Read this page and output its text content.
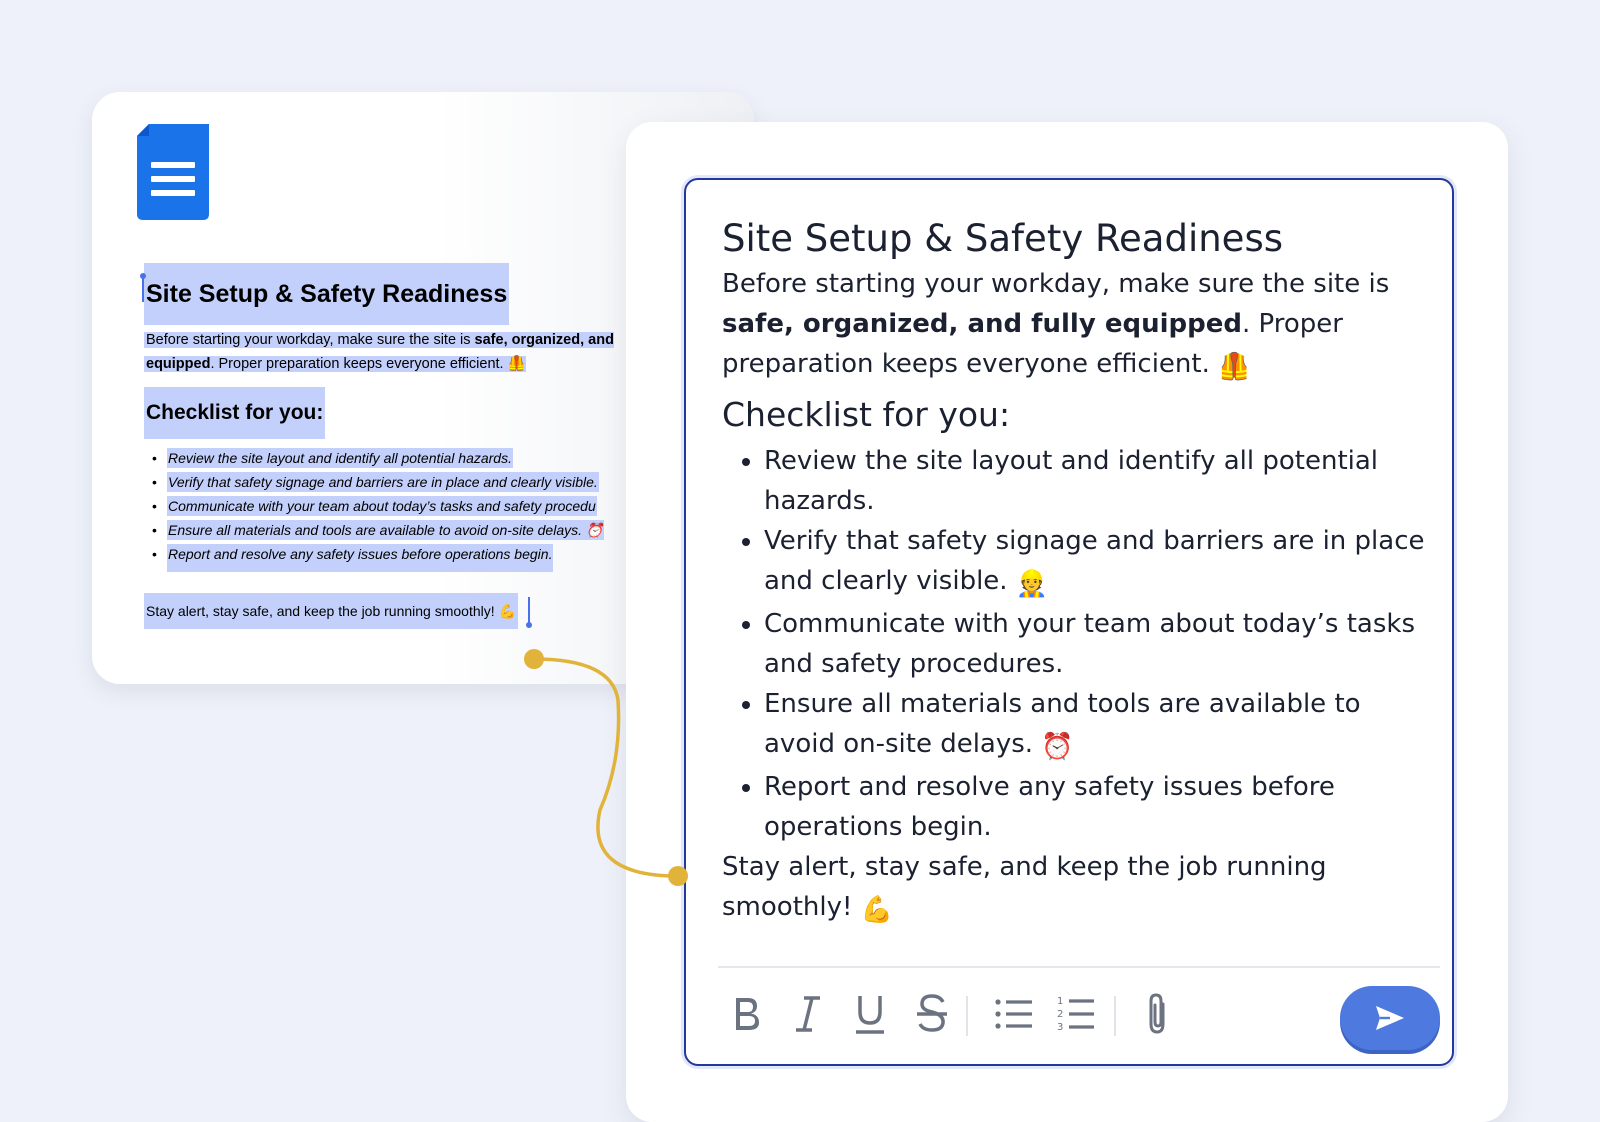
Site Setup & Safety Readiness
Before starting your workday, make sure the site is safe, organized, and
equipped. Proper preparation keeps everyone efficient. 🦺
Checklist for you:
• Review the site layout and identify all potential hazards.
• Verify that safety signage and barriers are in place and clearly visible.
• Communicate with your team about today’s tasks and safety procedu
• Ensure all materials and tools are available to avoid on-site delays. ⏰
• Report and resolve any safety issues before operations begin.
Stay alert, stay safe, and keep the job running smoothly! 💪
Site Setup & Safety Readiness

Before starting your workday, make sure the site is safe, organized, and fully equipped. Proper preparation keeps everyone efficient. 🦺

Checklist for you:
• Review the site layout and identify all potential hazards.
• Verify that safety signage and barriers are in place and clearly visible. 👷
• Communicate with your team about today’s tasks and safety procedures.
• Ensure all materials and tools are available to avoid on-site delays. ⏰
• Report and resolve any safety issues before operations begin.

Stay alert, stay safe, and keep the job running smoothly! 💪

1
2
3
